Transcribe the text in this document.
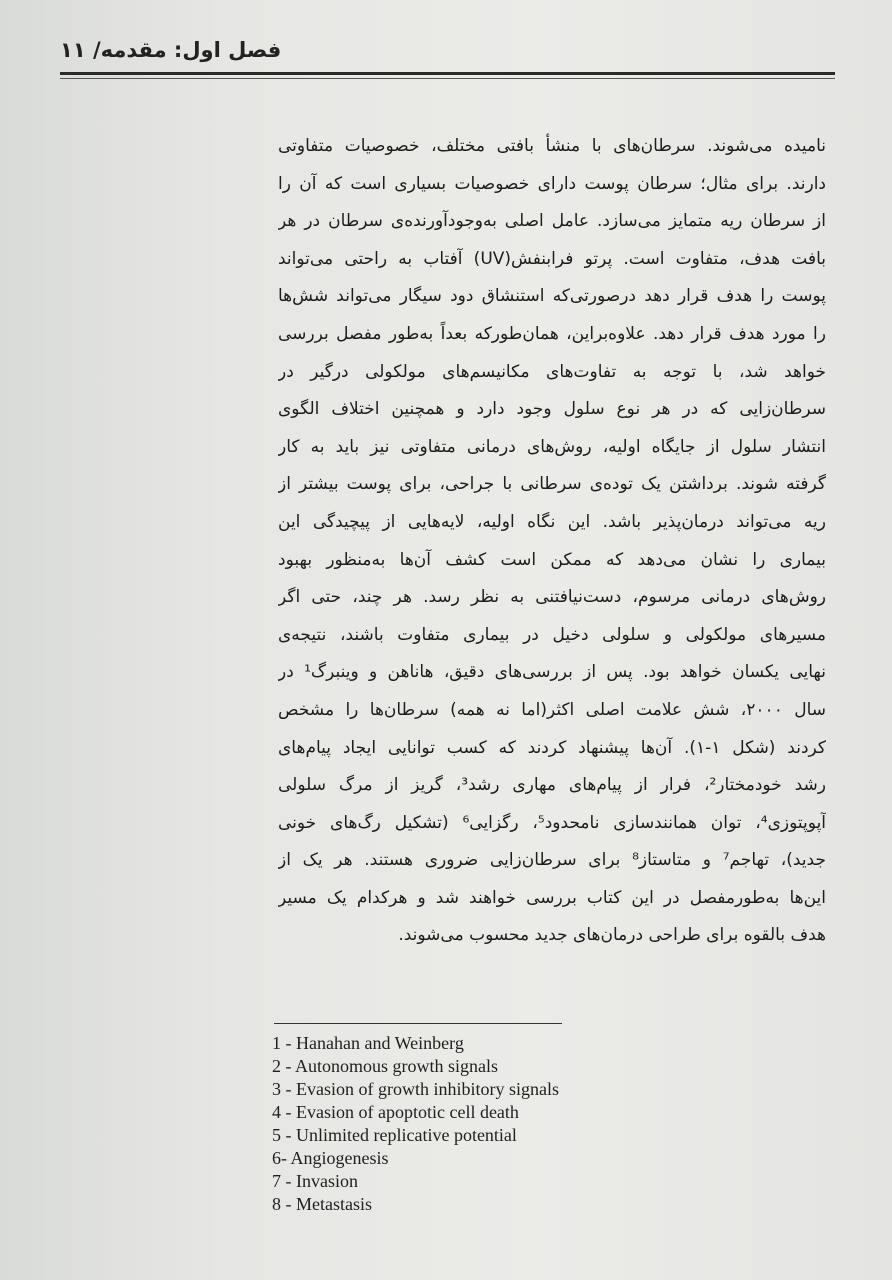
فصل اول: مقدمه/ ۱۱
نامیده می‌شوند. سرطان‌های با منشأ بافتی مختلف، خصوصیات متفاوتی
دارند. برای مثال؛ سرطان پوست دارای خصوصیات بسیاری است که آن را
از سرطان ریه متمایز می‌سازد. عامل اصلی به‌وجودآورنده‌ی سرطان در هر
بافت هدف، متفاوت است. پرتو فرابنفش(UV) آفتاب به راحتی می‌تواند
پوست را هدف قرار دهد درصورتی‌که استنشاق دود سیگار می‌تواند شش‌ها
را مورد هدف قرار دهد. علاوه‌براین، همان‌طورکه بعداً به‌طور مفصل بررسی
خواهد شد، با توجه به تفاوت‌های مکانیسم‌های مولکولی درگیر در
سرطان‌زایی که در هر نوع سلول وجود دارد و همچنین اختلاف الگوی
انتشار سلول از جایگاه اولیه، روش‌های درمانی متفاوتی نیز باید به کار
گرفته شوند. برداشتن یک توده‌ی سرطانی با جراحی، برای پوست بیشتر از
ریه می‌تواند درمان‌پذیر باشد. این نگاه اولیه، لایه‌هایی از پیچیدگی این
بیماری را نشان می‌دهد که ممکن است کشف آن‌ها به‌منظور بهبود
روش‌های درمانی مرسوم، دست‌نیافتنی به نظر رسد. هر چند، حتی اگر
مسیرهای مولکولی و سلولی دخیل در بیماری متفاوت باشند، نتیجه‌ی
نهایی یکسان خواهد بود. پس از بررسی‌های دقیق، هاناهن و وینبرگ¹ در
سال ۲۰۰۰، شش علامت اصلی اکثر(اما نه همه) سرطان‌ها را مشخص
کردند (شکل ۱-۱). آن‌ها پیشنهاد کردند که کسب توانایی ایجاد پیام‌های
رشد خودمختار²، فرار از پیام‌های مهاری رشد³، گریز از مرگ سلولی
آپوپتوزی⁴، توان همانندسازی نامحدود⁵، رگزایی⁶ (تشکیل رگ‌های خونی
جدید)، تهاجم⁷ و متاستاز⁸ برای سرطان‌زایی ضروری هستند. هر یک از
این‌ها به‌طورمفصل در این کتاب بررسی خواهند شد و هرکدام یک مسیر
هدف بالقوه برای طراحی درمان‌های جدید محسوب می‌شوند.
1 - Hanahan and Weinberg
2 - Autonomous growth signals
3 - Evasion of growth inhibitory signals
4 - Evasion of apoptotic cell death
5 - Unlimited replicative potential
6- Angiogenesis
7 - Invasion
8 - Metastasis
